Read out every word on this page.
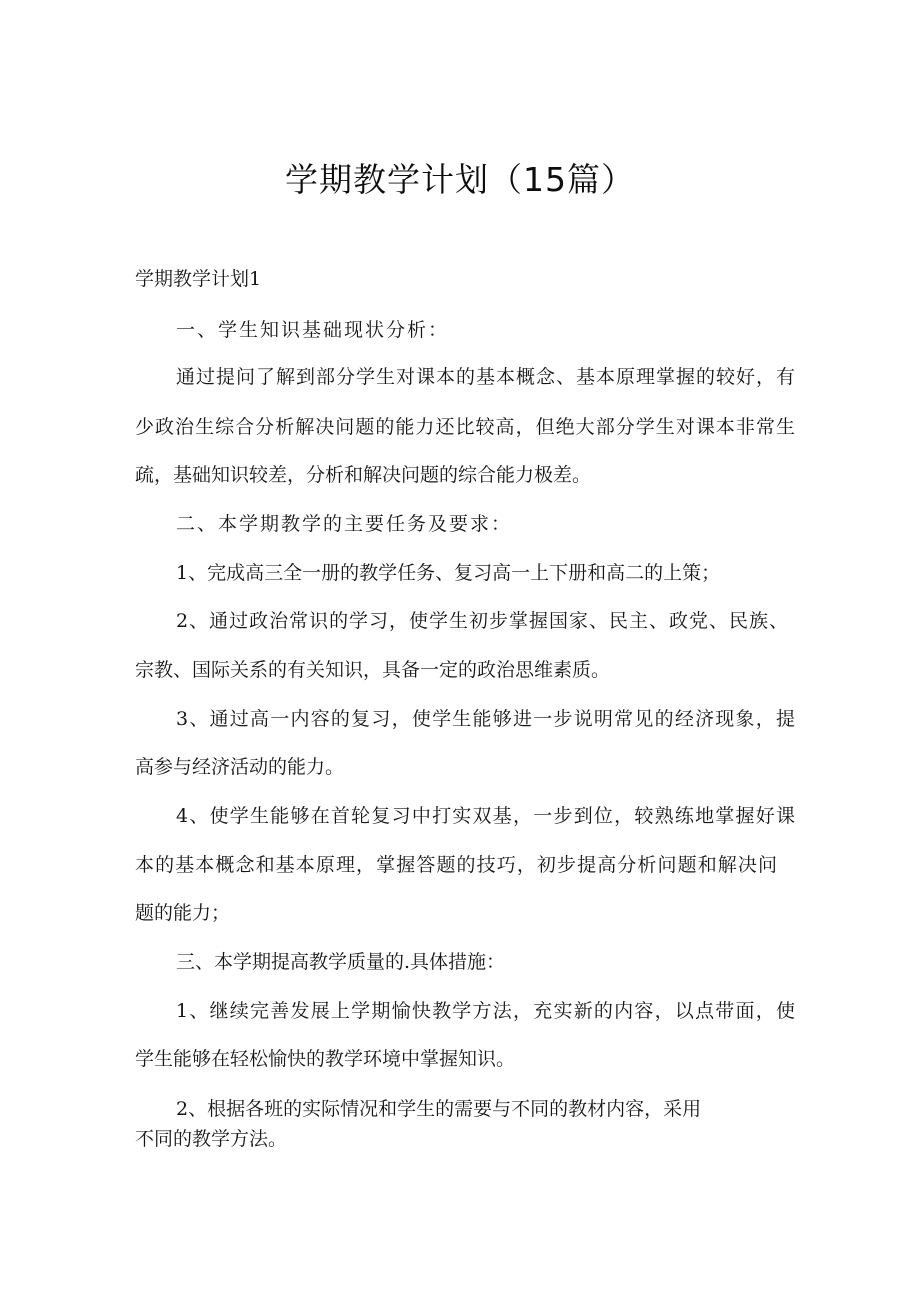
学期教学计划（15篇）

学期教学计划1

一、学生知识基础现状分析：

通过提问了解到部分学生对课本的基本概念、基本原理掌握的较好，有

少政治生综合分析解决问题的能力还比较高，但绝大部分学生对课本非常生

疏，基础知识较差，分析和解决问题的综合能力极差。

二、本学期教学的主要任务及要求：

1、完成高三全一册的教学任务、复习高一上下册和高二的上策；

2、通过政治常识的学习，使学生初步掌握国家、民主、政党、民族、

宗教、国际关系的有关知识，具备一定的政治思维素质。

3、通过高一内容的复习，使学生能够进一步说明常见的经济现象，提

高参与经济活动的能力。

4、使学生能够在首轮复习中打实双基，一步到位，较熟练地掌握好课

本的基本概念和基本原理，掌握答题的技巧，初步提高分析问题和解决问

题的能力；

三、本学期提高教学质量的.具体措施：

1、继续完善发展上学期愉快教学方法，充实新的内容，以点带面，使

学生能够在轻松愉快的教学环境中掌握知识。

2、根据各班的实际情况和学生的需要与不同的教材内容，采用

不同的教学方法。
